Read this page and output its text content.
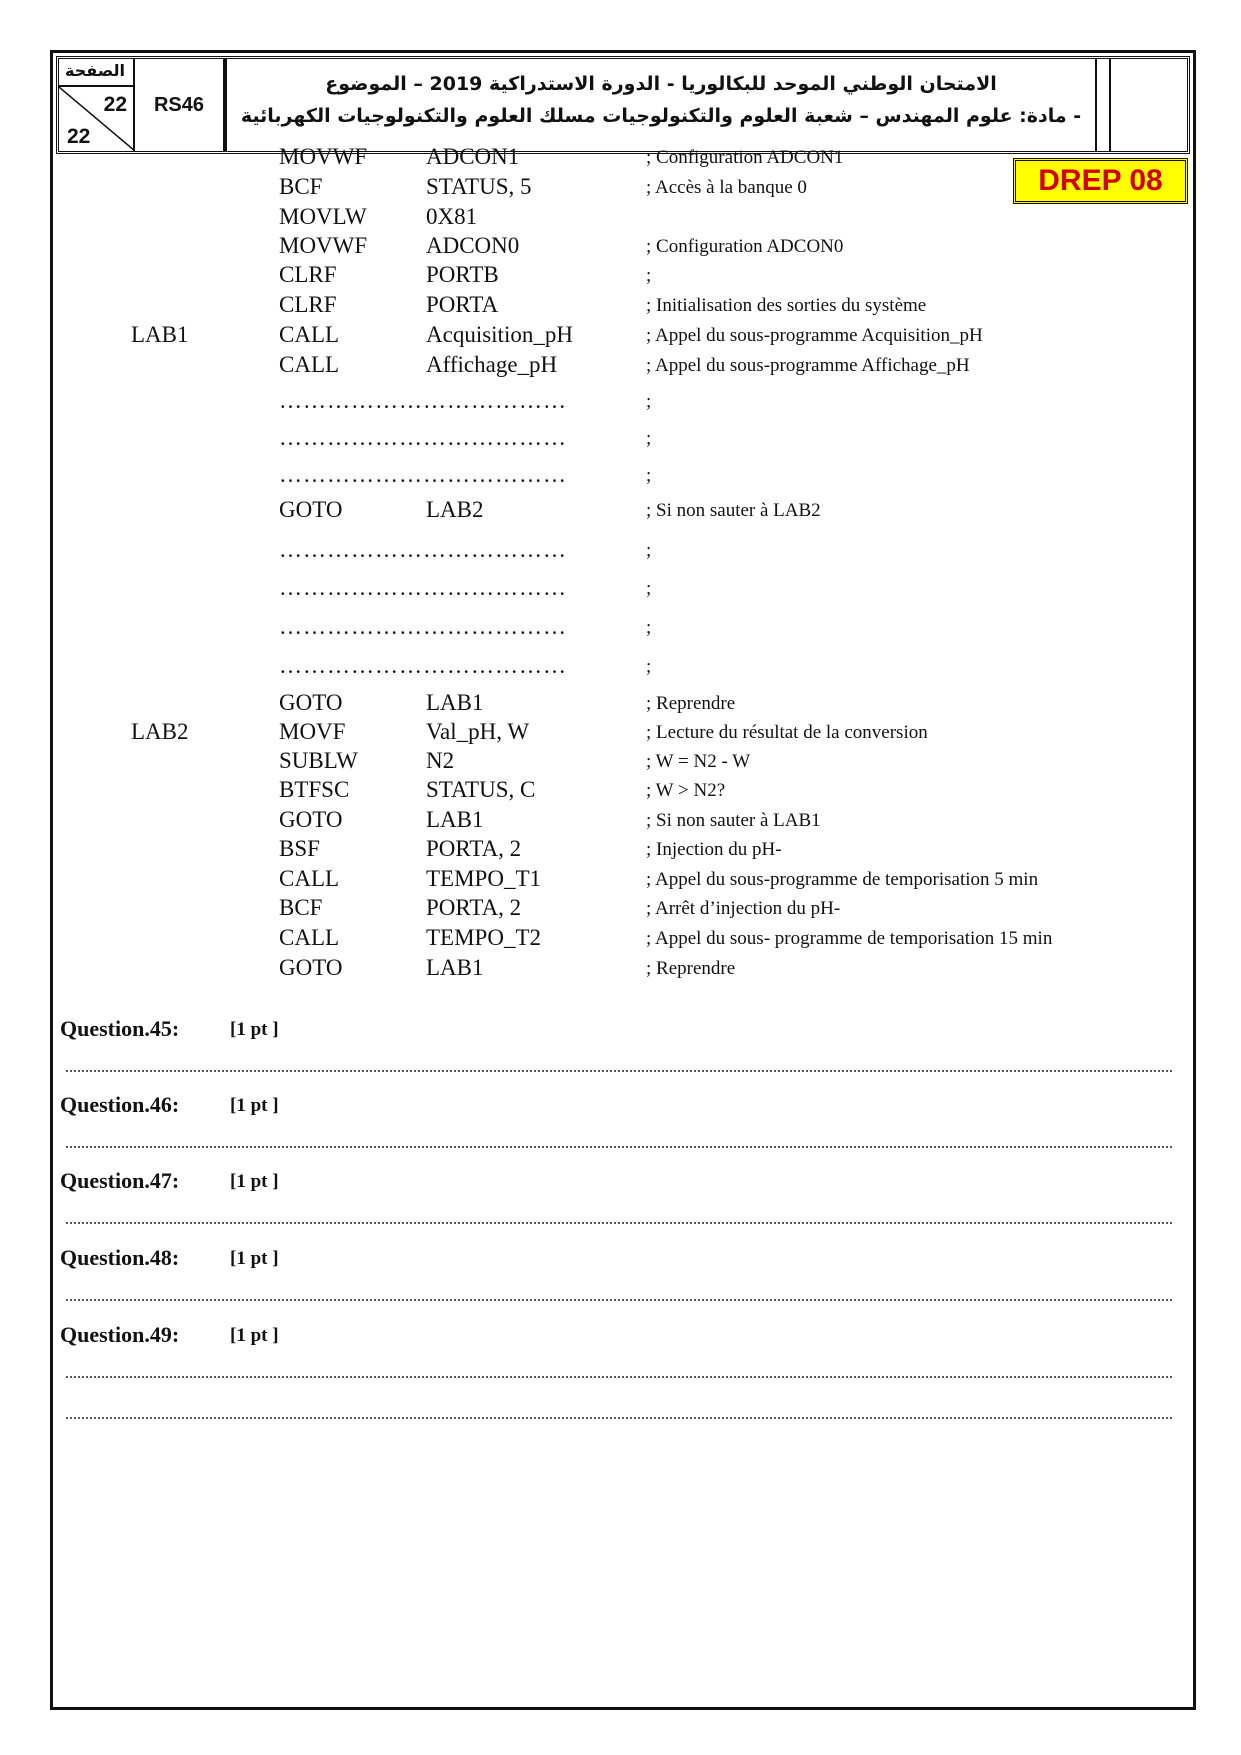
الصفحة
22
22
RS46
الامتحان الوطني الموحد للبكالوريا - الدورة الاستدراكية 2019 – الموضوع
- مادة: علوم المهندس – شعبة العلوم والتكنولوجيات مسلك العلوم والتكنولوجيات الكهربائية
DREP 08
MOVWF	ADCON1	; Configuration ADCON1
BCF	STATUS, 5	; Accès à la banque 0
MOVLW	0X81
MOVWF	ADCON0	; Configuration ADCON0
CLRF	PORTB	;
CLRF	PORTA	; Initialisation des sorties du système
LAB1	CALL	Acquisition_pH	; Appel du sous-programme Acquisition_pH
CALL	Affichage_pH	; Appel du sous-programme Affichage_pH
………………………………	;
………………………………	;
………………………………	;
GOTO	LAB2	; Si non sauter à LAB2
………………………………	;
………………………………	;
………………………………	;
………………………………	;
GOTO	LAB1	; Reprendre
LAB2	MOVF	Val_pH, W	; Lecture du résultat de la conversion
SUBLW	N2	; W = N2 - W
BTFSC	STATUS, C	; W > N2?
GOTO	LAB1	; Si non sauter à LAB1
BSF	PORTA, 2	; Injection du pH-
CALL	TEMPO_T1	; Appel du sous-programme de temporisation 5 min
BCF	PORTA, 2	; Arrêt d’injection du pH-
CALL	TEMPO_T2	; Appel du sous- programme de temporisation 15 min
GOTO	LAB1	; Reprendre
Question.45:	[1 pt ]
Question.46:	[1 pt ]
Question.47:	[1 pt ]
Question.48:	[1 pt ]
Question.49:	[1 pt ]
